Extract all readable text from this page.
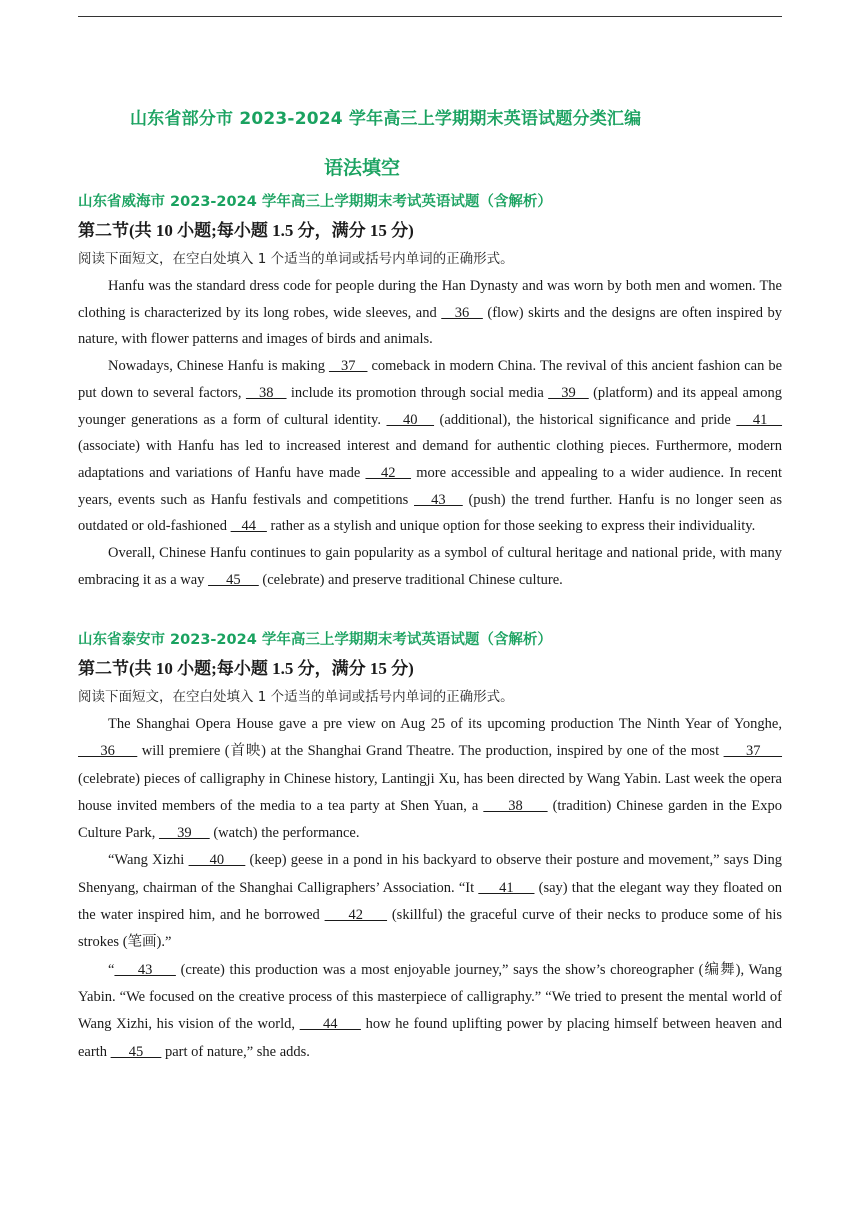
山东省部分市 2023-2024 学年高三上学期期末英语试题分类汇编
语法填空
山东省威海市 2023-2024 学年高三上学期期末考试英语试题（含解析）
第二节(共 10 小题;每小题 1.5 分，满分 15 分)
阅读下面短文，在空白处填入 1 个适当的单词或括号内单词的正确形式。

Hanfu was the standard dress code for people during the Han Dynasty and was worn by both men and women. The clothing is characterized by its long robes, wide sleeves, and    36    (flow) skirts and the designs are often inspired by nature, with flower patterns and images of birds and animals.

Nowadays, Chinese Hanfu is making    37    comeback in modern China. The revival of this ancient fashion can be put down to several factors,    38    include its promotion through social media    39    (platform) and its appeal among younger generations as a form of cultural identity.    40    (additional), the historical significance and pride    41    (associate) with Hanfu has led to increased interest and demand for authentic clothing pieces. Furthermore, modern adaptations and variations of Hanfu have made    42    more accessible and appealing to a wider audience. In recent years, events such as Hanfu festivals and competitions    43    (push) the trend further. Hanfu is no longer seen as outdated or old-fashioned    44    rather as a stylish and unique option for those seeking to express their individuality.

Overall, Chinese Hanfu continues to gain popularity as a symbol of cultural heritage and national pride, with many embracing it as a way      45      (celebrate) and preserve traditional Chinese culture.

山东省泰安市 2023-2024 学年高三上学期期末考试英语试题（含解析）
第二节(共 10 小题;每小题 1.5 分，满分 15 分)
阅读下面短文，在空白处填入 1 个适当的单词或括号内单词的正确形式。

The Shanghai Opera House gave a pre view on Aug 25 of its upcoming production The Ninth Year of Yonghe,      36      will premiere (首映) at the Shanghai Grand Theatre. The production, inspired by one of the most      37      (celebrate) pieces of calligraphy in Chinese history, Lantingji Xu, has been directed by Wang Yabin. Last week the opera house invited members of the media to a tea party at Shen Yuan, a      38      (tradition) Chinese garden in the Expo Culture Park,      39      (watch) the performance.

“Wang Xizhi      40      (keep) geese in a pond in his backyard to observe their posture and movement,” says Ding Shenyang, chairman of the Shanghai Calligraphers’ Association. “It      41      (say) that the elegant way they floated on the water inspired him, and he borrowed      42      (skillful) the graceful curve of their necks to produce some of his strokes (笔画).”

“     43      (create) this production was a most enjoyable journey,” says the show’s choreographer (编舞), Wang Yabin. “We focused on the creative process of this masterpiece of calligraphy.” “We tried to present the mental world of Wang Xizhi, his vision of the world,      44      how he found uplifting power by placing himself between heaven and earth      45      part of nature,” she adds.
